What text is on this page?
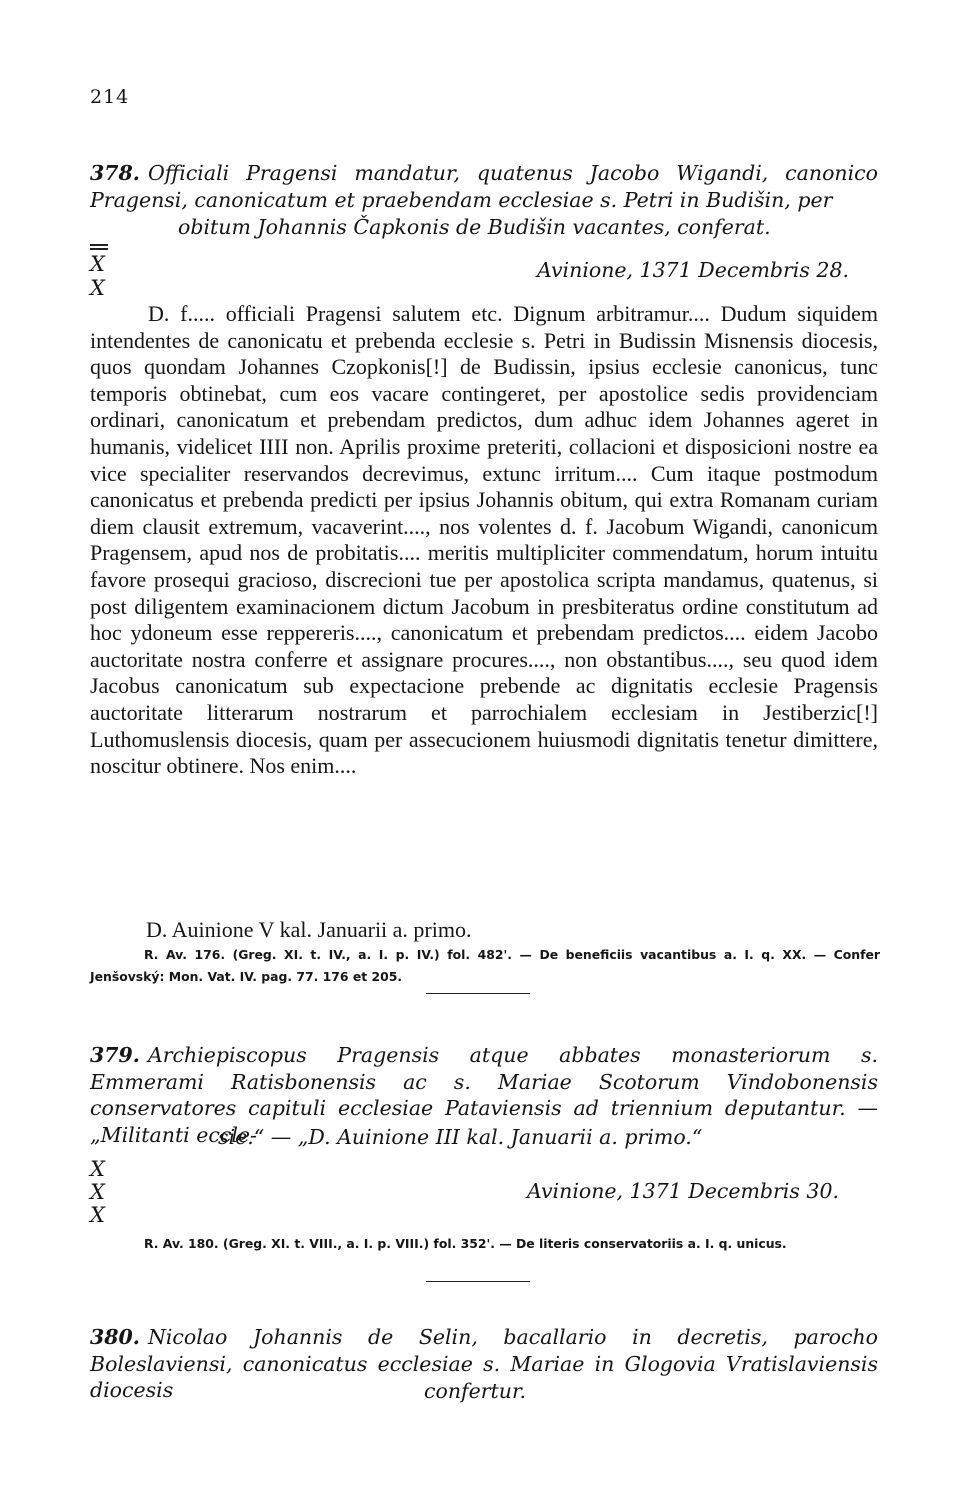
214
378. Officiali Pragensi mandatur, quatenus Jacobo Wigandi, canonico Pragensi, canonicatum et praebendam ecclesiae s. Petri in Budišin, per
obitum Johannis Čapkonis de Budišin vacantes, conferat.
X
X
Avinione, 1371 Decembris 28.

D. f..... officiali Pragensi salutem etc. Dignum arbitramur.... Dudum siquidem intendentes de canonicatu et prebenda ecclesie s. Petri in Budissin Misnensis diocesis, quos quondam Johannes Czopkonis[!] de Budissin, ipsius ecclesie canonicus, tunc temporis obtinebat, cum eos vacare contingeret, per apostolice sedis providenciam ordinari, canonicatum et prebendam predictos, dum adhuc idem Johannes ageret in humanis, videlicet IIII non. Aprilis proxime preteriti, collacioni et disposicioni nostre ea vice specialiter reservandos decrevimus, extunc irritum.... Cum itaque postmodum canonicatus et prebenda predicti per ipsius Johannis obitum, qui extra Romanam curiam diem clausit extremum, vacaverint...., nos volentes d. f. Jacobum Wigandi, canonicum Pragensem, apud nos de probitatis.... meritis multipliciter commendatum, horum intuitu favore prosequi gracioso, discrecioni tue per apostolica scripta mandamus, quatenus, si post diligentem examinacionem dictum Jacobum in presbiteratus ordine constitutum ad hoc ydoneum esse reppereris...., canonicatum et prebendam predictos.... eidem Jacobo auctoritate nostra conferre et assignare procures...., non obstantibus...., seu quod idem Jacobus canonicatum sub expectacione prebende ac dignitatis ecclesie Pragensis auctoritate litterarum nostrarum et parrochialem ecclesiam in Jestiberzic[!] Luthomuslensis diocesis, quam per assecucionem huiusmodi dignitatis tenetur dimittere, noscitur obtinere. Nos enim....

D. Auinione V kal. Januarii a. primo.
R. Av. 176. (Greg. XI. t. IV., a. I. p. IV.) fol. 482'. — De beneficiis vacantibus a. I. q. XX. — Confer Jenšovský: Mon. Vat. IV. pag. 77. 176 et 205.
379. Archiepiscopus Pragensis atque abbates monasteriorum s. Emmerami Ratisbonensis ac s. Mariae Scotorum Vindobonensis conservatores capituli ecclesiae Pataviensis ad triennium deputantur. — „Militanti eccle-
sie.“ — „D. Auinione III kal. Januarii a. primo.“
X
X
X
Avinione, 1371 Decembris 30.
R. Av. 180. (Greg. XI. t. VIII., a. I. p. VIII.) fol. 352'. — De literis conservatoriis a. I. q. unicus.
380. Nicolao Johannis de Selin, bacallario in decretis, parocho Boleslaviensi, canonicatus ecclesiae s. Mariae in Glogovia Vratislaviensis diocesis	confertur.
